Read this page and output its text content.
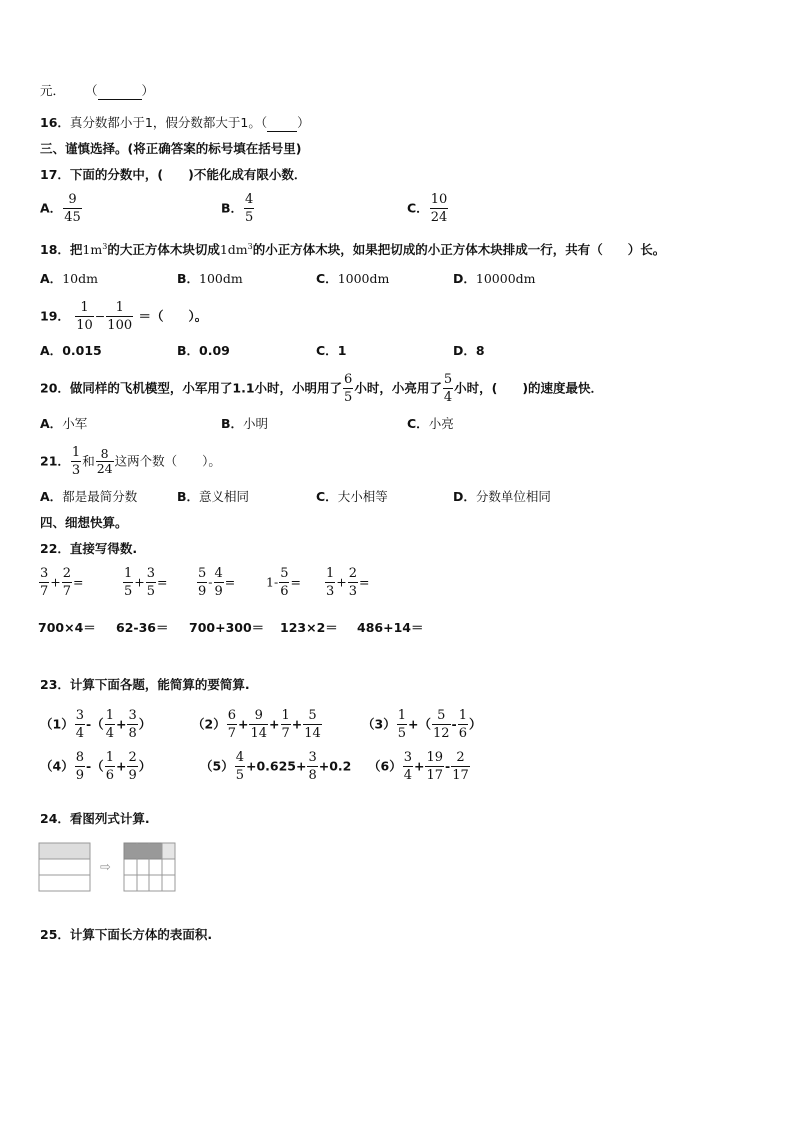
元． （	）
16．真分数都小于1，假分数都大于1。（ ）
三、谨慎选择。(将正确答案的标号填在括号里)
17．下面的分数中，(　　)不能化成有限小数．
A． $\frac{9}{45}$	B． $\frac{4}{5}$	C． $\frac{10}{24}$
18．把$1m^3$的大正方体木块切成$1dm^3$的小正方体木块，如果把切成的小正方体木块排成一行，共有（　　）长。
A．10dm	B．100dm	C．1000dm	D．10000dm
19． $\frac{1}{10} - \frac{1}{100}$ ＝（　　）。
A．0.015	B．0.09	C．1	D．8
20．做同样的飞机模型，小军用了1.1小时，小明用了 $\frac{6}{5}$ 小时，小亮用了 $\frac{5}{4}$ 小时，(　　)的速度最快．
A．小军	B．小明	C．小亮
21． $\frac{1}{3}$ 和 $\frac{8}{24}$ 这两个数（　　）。
A．都是最简分数	B．意义相同	C．大小相等	D．分数单位相同
四、细想快算。
22．直接写得数.
$\frac{3}{7} + \frac{2}{7}$ =	$\frac{1}{5} + \frac{3}{5} = \frac{5}{9} - \frac{4}{9} = 1- \frac{5}{6} = \frac{1}{3} + \frac{2}{3}$ =
700×4＝ 62-36＝ 700+300＝ 123×2＝ 486+14＝
23．计算下面各题，能简算的要简算.
$(1) \frac{3}{4}$ -（ $\frac{1}{4} + \frac{3}{8}$ ）	$(2) \frac{6}{7} + \frac{9}{14} + \frac{1}{7} + \frac{5}{14}$	$(3) \frac{1}{5}$ +（ $\frac{5}{12} - \frac{1}{6}$ ）
$(4) \frac{8}{9}$ -（ $\frac{1}{6} + \frac{2}{9}$ ）	$(5) \frac{4}{5} +0.625+ \frac{3}{8} +0.2$ $(6) \frac{3}{4} + \frac{19}{17} - \frac{2}{17}$
24．看图列式计算.
⇨
25．计算下面长方体的表面积.
